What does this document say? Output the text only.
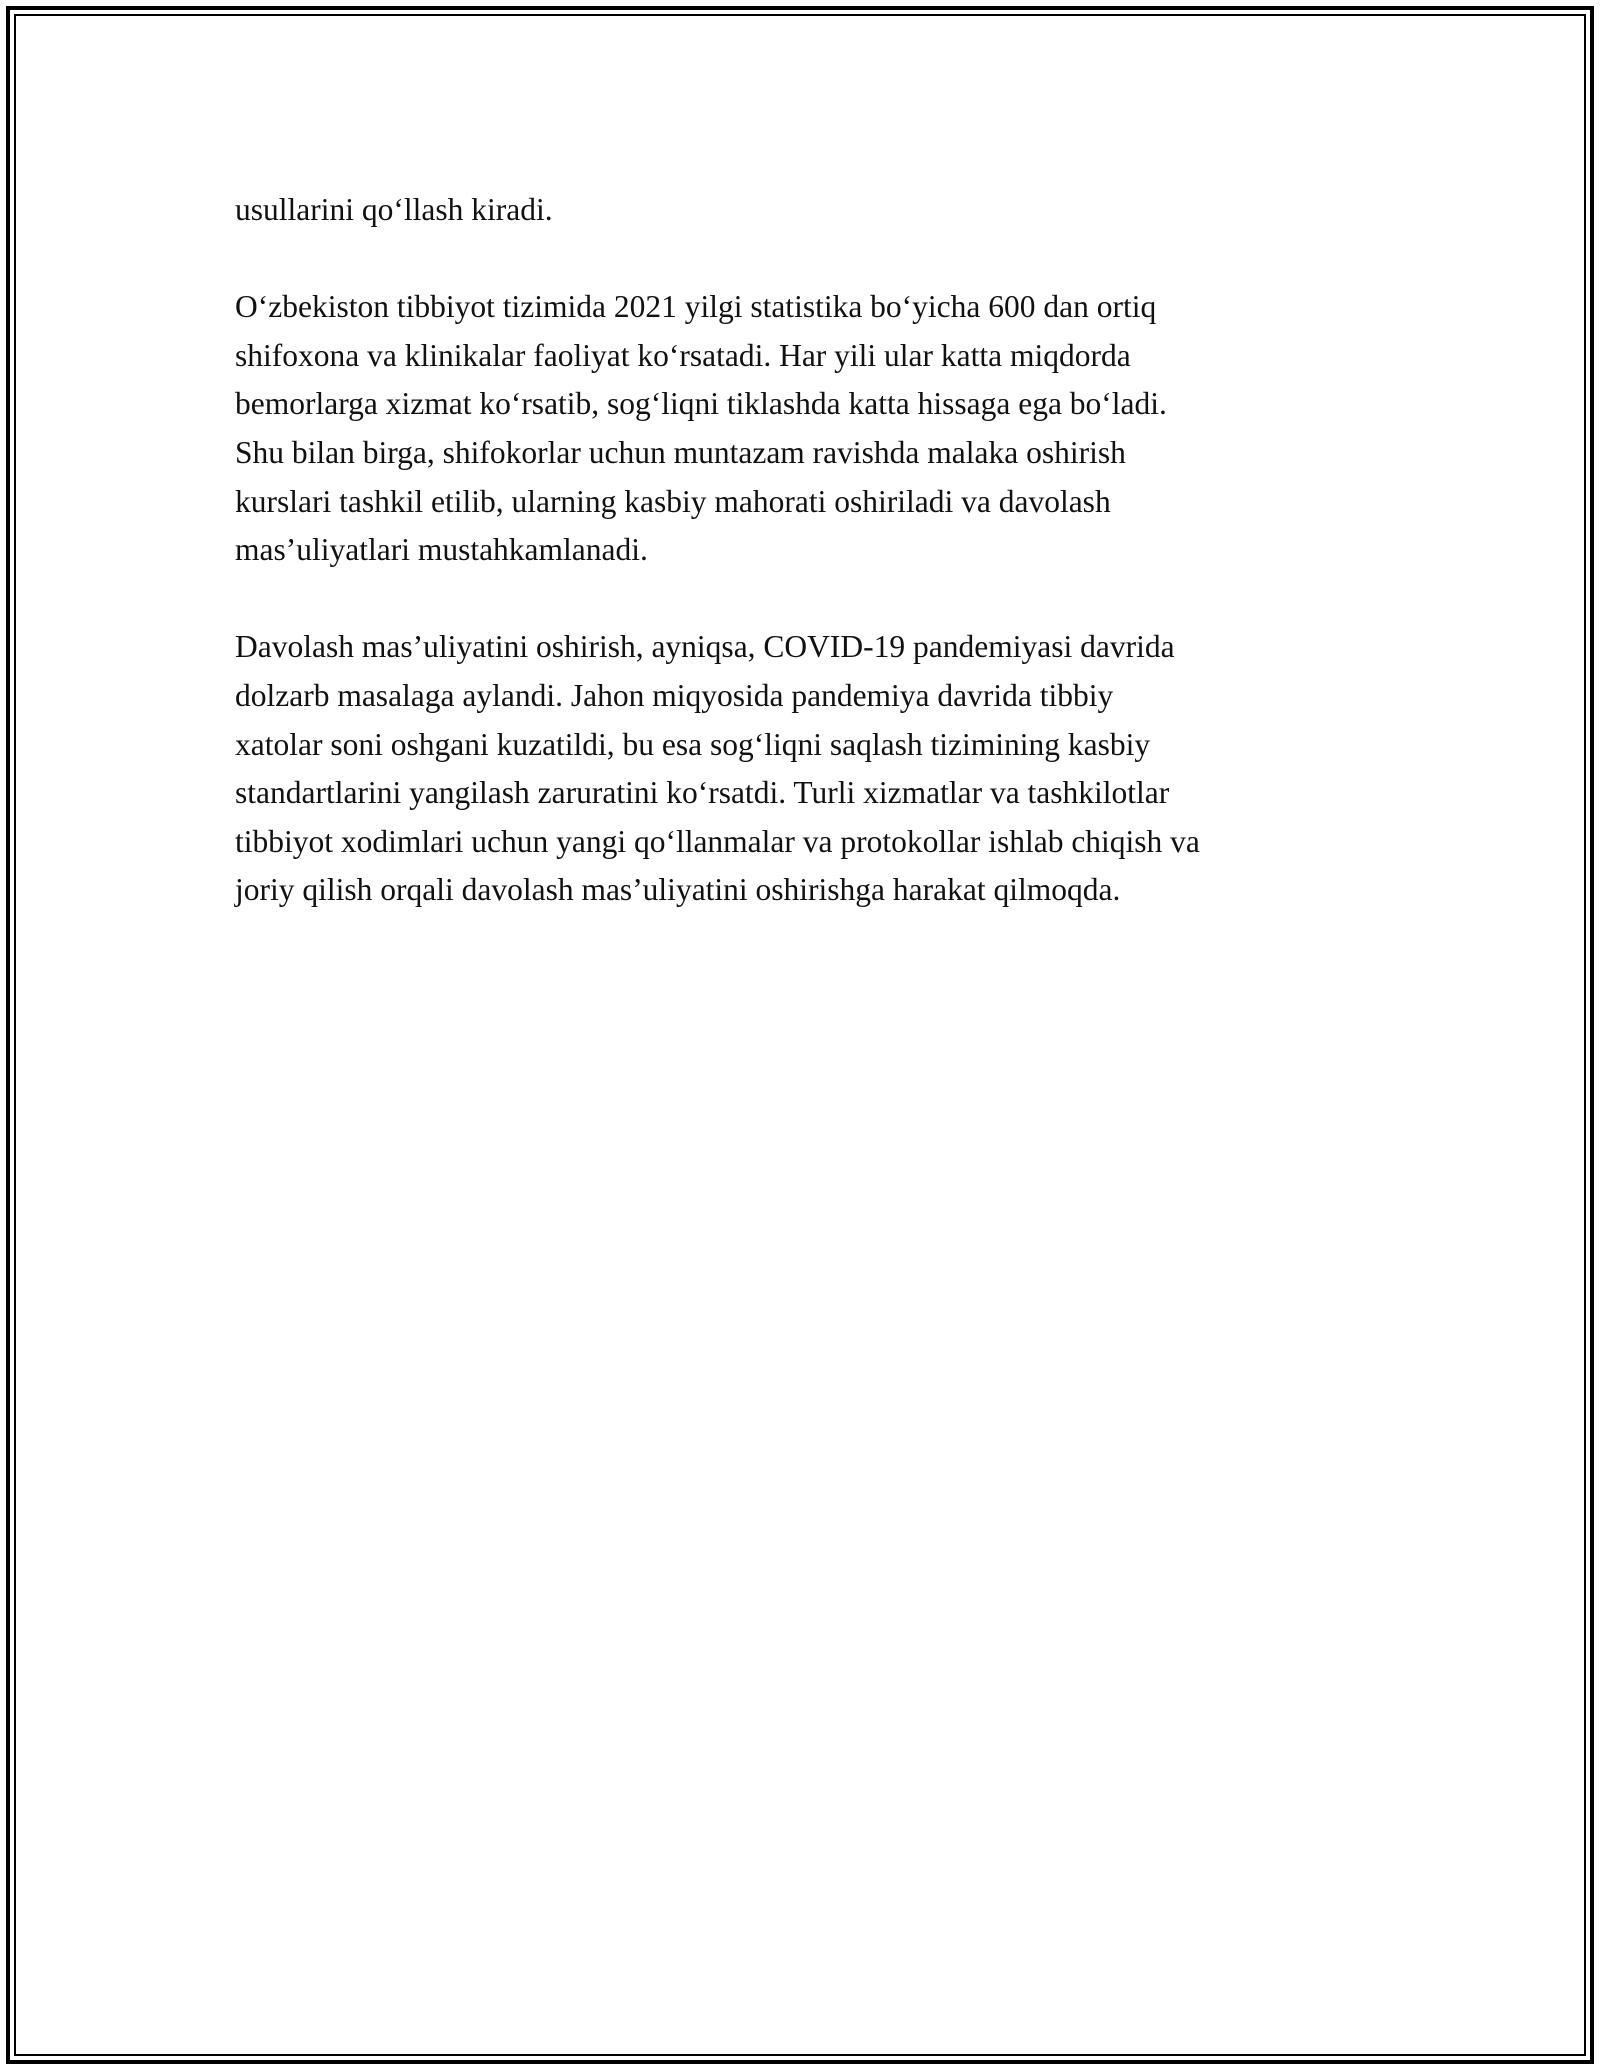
usullarini qo‘llash kiradi.

O‘zbekiston tibbiyot tizimida 2021 yilgi statistika bo‘yicha 600 dan ortiq
shifoxona va klinikalar faoliyat ko‘rsatadi. Har yili ular katta miqdorda
bemorlarga xizmat ko‘rsatib, sog‘liqni tiklashda katta hissaga ega bo‘ladi.
Shu bilan birga, shifokorlar uchun muntazam ravishda malaka oshirish
kurslari tashkil etilib, ularning kasbiy mahorati oshiriladi va davolash
mas’uliyatlari mustahkamlanadi.

Davolash mas’uliyatini oshirish, ayniqsa, COVID-19 pandemiyasi davrida
dolzarb masalaga aylandi. Jahon miqyosida pandemiya davrida tibbiy
xatolar soni oshgani kuzatildi, bu esa sog‘liqni saqlash tizimining kasbiy
standartlarini yangilash zaruratini ko‘rsatdi. Turli xizmatlar va tashkilotlar
tibbiyot xodimlari uchun yangi qo‘llanmalar va protokollar ishlab chiqish va
joriy qilish orqali davolash mas’uliyatini oshirishga harakat qilmoqda.
